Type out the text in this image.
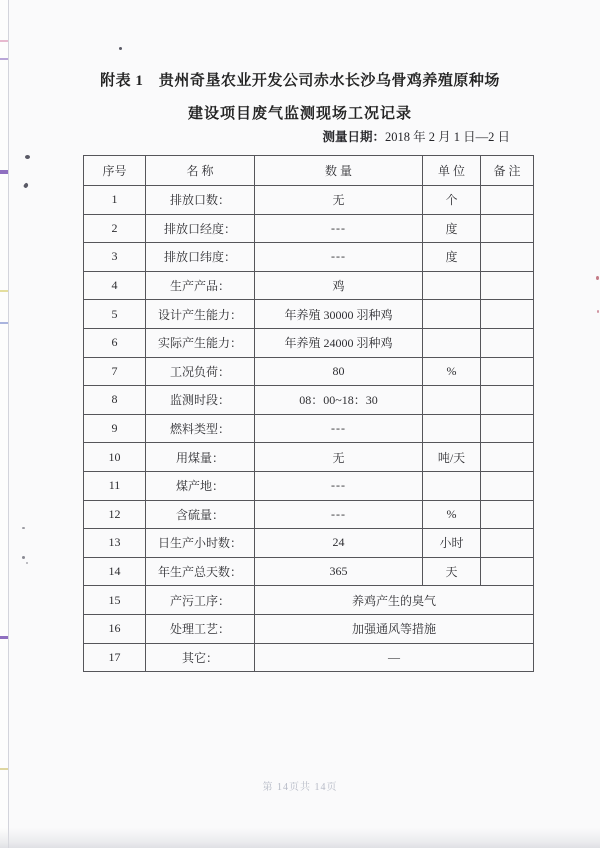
附表 1　贵州奇垦农业开发公司赤水长沙乌骨鸡养殖原种场
建设项目废气监测现场工况记录
测量日期：2018 年 2 月 1 日—2 日
序号	名 称	数 量	单 位	备 注
1	排放口数：	无	个	
2	排放口经度：	---	度	
3	排放口纬度：	---	度	
4	生产产品：	鸡		
5	设计产生能力：	年养殖 30000 羽种鸡		
6	实际产生能力：	年养殖 24000 羽种鸡		
7	工况负荷：	80	%	
8	监测时段：	08：00~18：30		
9	燃料类型：	---		
10	用煤量：	无	吨/天	
11	煤产地：	---		
12	含硫量：	---	%	
13	日生产小时数：	24	小时	
14	年生产总天数：	365	天	
15	产污工序：	养鸡产生的臭气		
16	处理工艺：	加强通风等措施		
17	其它：	—		
第 14页共 14页
